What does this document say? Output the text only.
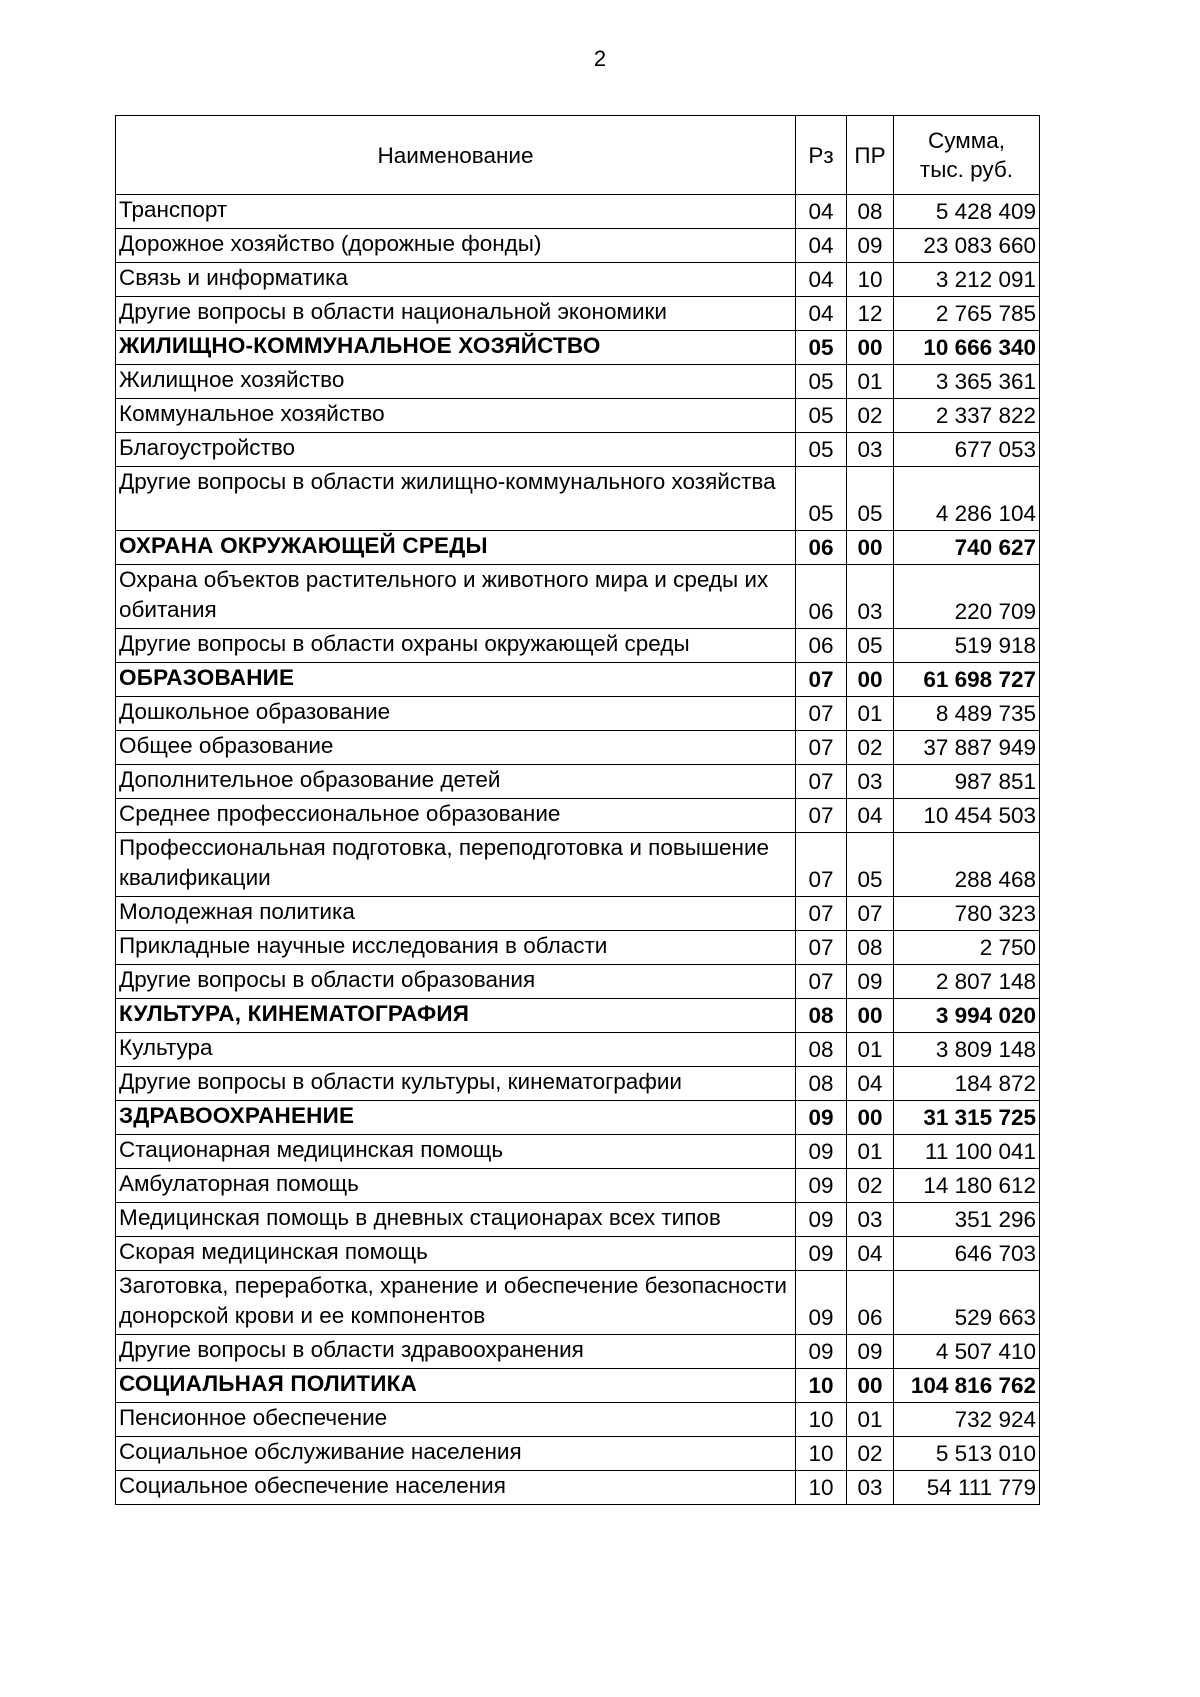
2
Наименование	Рз	ПР	Сумма,
тыс. руб.
Транспорт	04	08	5 428 409
Дорожное хозяйство (дорожные фонды)	04	09	23 083 660
Связь и информатика	04	10	3 212 091
Другие вопросы в области национальной экономики	04	12	2 765 785
ЖИЛИЩНО-КОММУНАЛЬНОЕ ХОЗЯЙСТВО	05	00	10 666 340
Жилищное хозяйство	05	01	3 365 361
Коммунальное хозяйство	05	02	2 337 822
Благоустройство	05	03	677 053
Другие вопросы в области жилищно-коммунального хозяйства	05	05	4 286 104
ОХРАНА ОКРУЖАЮЩЕЙ СРЕДЫ	06	00	740 627
Охрана объектов растительного и животного мира и среды их обитания	06	03	220 709
Другие вопросы в области охраны окружающей среды	06	05	519 918
ОБРАЗОВАНИЕ	07	00	61 698 727
Дошкольное образование	07	01	8 489 735
Общее образование	07	02	37 887 949
Дополнительное образование детей	07	03	987 851
Среднее профессиональное образование	07	04	10 454 503
Профессиональная подготовка, переподготовка и повышение квалификации	07	05	288 468
Молодежная политика	07	07	780 323
Прикладные научные исследования в области	07	08	2 750
Другие вопросы в области образования	07	09	2 807 148
КУЛЬТУРА, КИНЕМАТОГРАФИЯ	08	00	3 994 020
Культура	08	01	3 809 148
Другие вопросы в области культуры, кинематографии	08	04	184 872
ЗДРАВООХРАНЕНИЕ	09	00	31 315 725
Стационарная медицинская помощь	09	01	11 100 041
Амбулаторная помощь	09	02	14 180 612
Медицинская помощь в дневных стационарах всех типов	09	03	351 296
Скорая медицинская помощь	09	04	646 703
Заготовка, переработка, хранение и обеспечение безопасности донорской крови и ее компонентов	09	06	529 663
Другие вопросы в области здравоохранения	09	09	4 507 410
СОЦИАЛЬНАЯ ПОЛИТИКА	10	00	104 816 762
Пенсионное обеспечение	10	01	732 924
Социальное обслуживание населения	10	02	5 513 010
Социальное обеспечение населения	10	03	54 111 779
